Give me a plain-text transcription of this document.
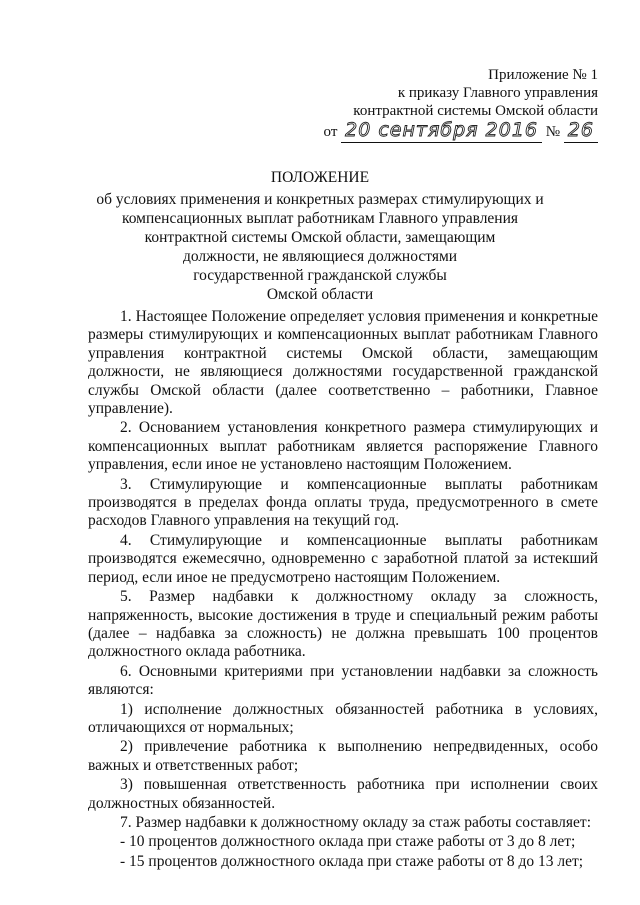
Приложение № 1
к приказу Главного управления
контрактной системы Омской области
от 20 сентября 2016 № 26
ПОЛОЖЕНИЕ
об условиях применения и конкретных размерах стимулирующих и
компенсационных выплат работникам Главного управления
контрактной системы Омской области, замещающим
должности, не являющиеся должностями
государственной гражданской службы
Омской области

1. Настоящее Положение определяет условия применения и конкретные размеры стимулирующих и компенсационных выплат работникам Главного управления контрактной системы Омской области, замещающим должности, не являющиеся должностями государственной гражданской службы Омской области (далее соответственно – работники, Главное управление).

2. Основанием установления конкретного размера стимулирующих и компенсационных выплат работникам является распоряжение Главного управления, если иное не установлено настоящим Положением.

3. Стимулирующие и компенсационные выплаты работникам производятся в пределах фонда оплаты труда, предусмотренного в смете расходов Главного управления на текущий год.

4. Стимулирующие и компенсационные выплаты работникам производятся ежемесячно, одновременно с заработной платой за истекший период, если иное не предусмотрено настоящим Положением.

5. Размер надбавки к должностному окладу за сложность, напряженность, высокие достижения в труде и специальный режим работы (далее – надбавка за сложность) не должна превышать 100 процентов должностного оклада работника.

6. Основными критериями при установлении надбавки за сложность являются:

1) исполнение должностных обязанностей работника в условиях, отличающихся от нормальных;

2) привлечение работника к выполнению непредвиденных, особо важных и ответственных работ;

3) повышенная ответственность работника при исполнении своих должностных обязанностей.

7. Размер надбавки к должностному окладу за стаж работы составляет:

- 10 процентов должностного оклада при стаже работы от 3 до 8 лет;

- 15 процентов должностного оклада при стаже работы от 8 до 13 лет;
